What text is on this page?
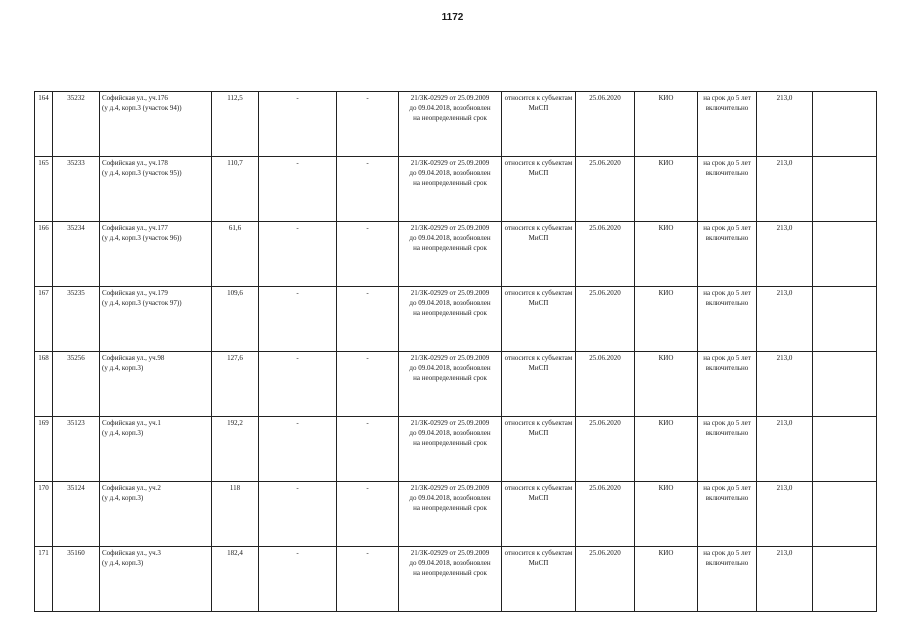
1172
164	35232	Софийская ул., уч.176
(у д.4, корп.3 (участок 94))	112,5	-	-	21/ЗК-02929 от 25.09.2009
до 09.04.2018, возобновлен
на неопределенный срок	относится к субъектам
МиСП	25.06.2020	КИО	на срок до 5 лет
включительно	213,0	
165	35233	Софийская ул., уч.178
(у д.4, корп.3 (участок 95))	110,7	-	-	21/ЗК-02929 от 25.09.2009
до 09.04.2018, возобновлен
на неопределенный срок	относится к субъектам
МиСП	25.06.2020	КИО	на срок до 5 лет
включительно	213,0	
166	35234	Софийская ул., уч.177
(у д.4, корп.3 (участок 96))	61,6	-	-	21/ЗК-02929 от 25.09.2009
до 09.04.2018, возобновлен
на неопределенный срок	относится к субъектам
МиСП	25.06.2020	КИО	на срок до 5 лет
включительно	213,0	
167	35235	Софийская ул., уч.179
(у д.4, корп.3 (участок 97))	109,6	-	-	21/ЗК-02929 от 25.09.2009
до 09.04.2018, возобновлен
на неопределенный срок	относится к субъектам
МиСП	25.06.2020	КИО	на срок до 5 лет
включительно	213,0	
168	35256	Софийская ул., уч.98
(у д.4, корп.3)	127,6	-	-	21/ЗК-02929 от 25.09.2009
до 09.04.2018, возобновлен
на неопределенный срок	относится к субъектам
МиСП	25.06.2020	КИО	на срок до 5 лет
включительно	213,0	
169	35123	Софийская ул., уч.1
(у д.4, корп.3)	192,2	-	-	21/ЗК-02929 от 25.09.2009
до 09.04.2018, возобновлен
на неопределенный срок	относится к субъектам
МиСП	25.06.2020	КИО	на срок до 5 лет
включительно	213,0	
170	35124	Софийская ул., уч.2
(у д.4, корп.3)	118	-	-	21/ЗК-02929 от 25.09.2009
до 09.04.2018, возобновлен
на неопределенный срок	относится к субъектам
МиСП	25.06.2020	КИО	на срок до 5 лет
включительно	213,0	
171	35160	Софийская ул., уч.3
(у д.4, корп.3)	182,4	-	-	21/ЗК-02929 от 25.09.2009
до 09.04.2018, возобновлен
на неопределенный срок	относится к субъектам
МиСП	25.06.2020	КИО	на срок до 5 лет
включительно	213,0	
